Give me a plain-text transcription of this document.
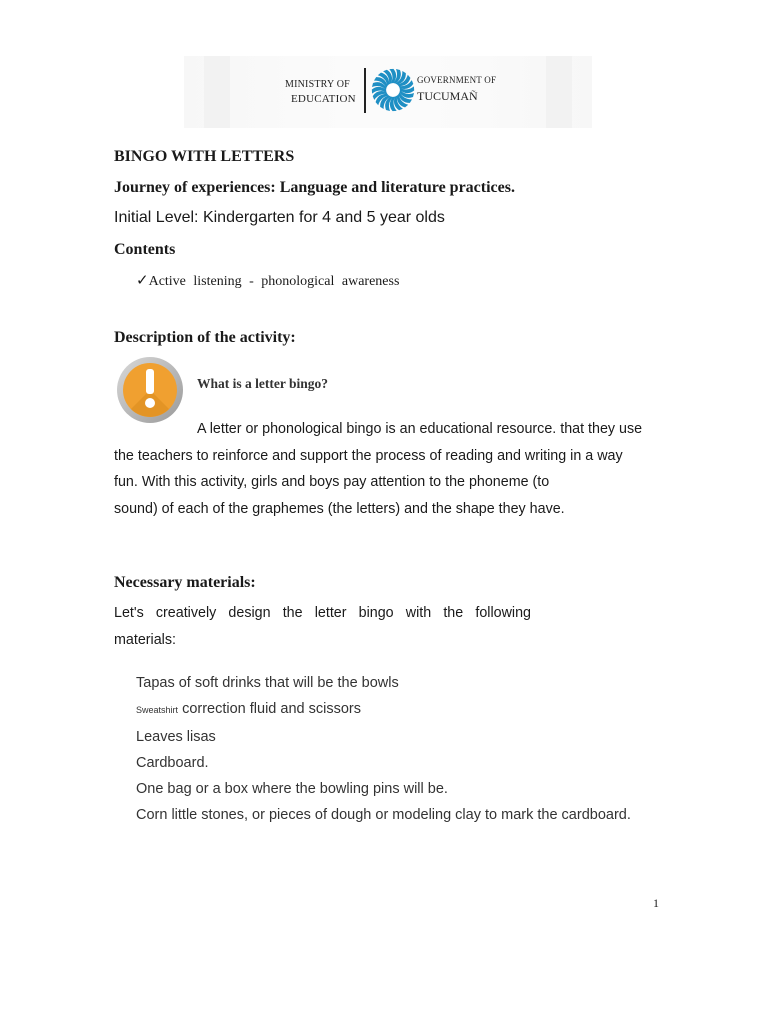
MINISTRY OF
EDUCATION
GOVERNMENT OF
TUCUMAÑ
BINGO WITH LETTERS
Journey of experiences: Language and literature practices.
Initial Level: Kindergarten for 4 and 5 year olds
Contents
✓Active listening - phonological awareness
Description of the activity:
What is a letter bingo?
A letter or phonological bingo is an educational resource. that they use
the teachers to reinforce and support the process of reading and writing in a way
fun. With this activity, girls and boys pay attention to the phoneme (to
sound) of each of the graphemes (the letters) and the shape they have.
Necessary materials:
Let's creatively design the letter bingo with the following
materials:
Tapas of soft drinks that will be the bowls
Sweatshirt correction fluid and scissors
Leaves lisas
Cardboard.
One bag or a box where the bowling pins will be.
Corn little stones, or pieces of dough or modeling clay to mark the cardboard.
1
